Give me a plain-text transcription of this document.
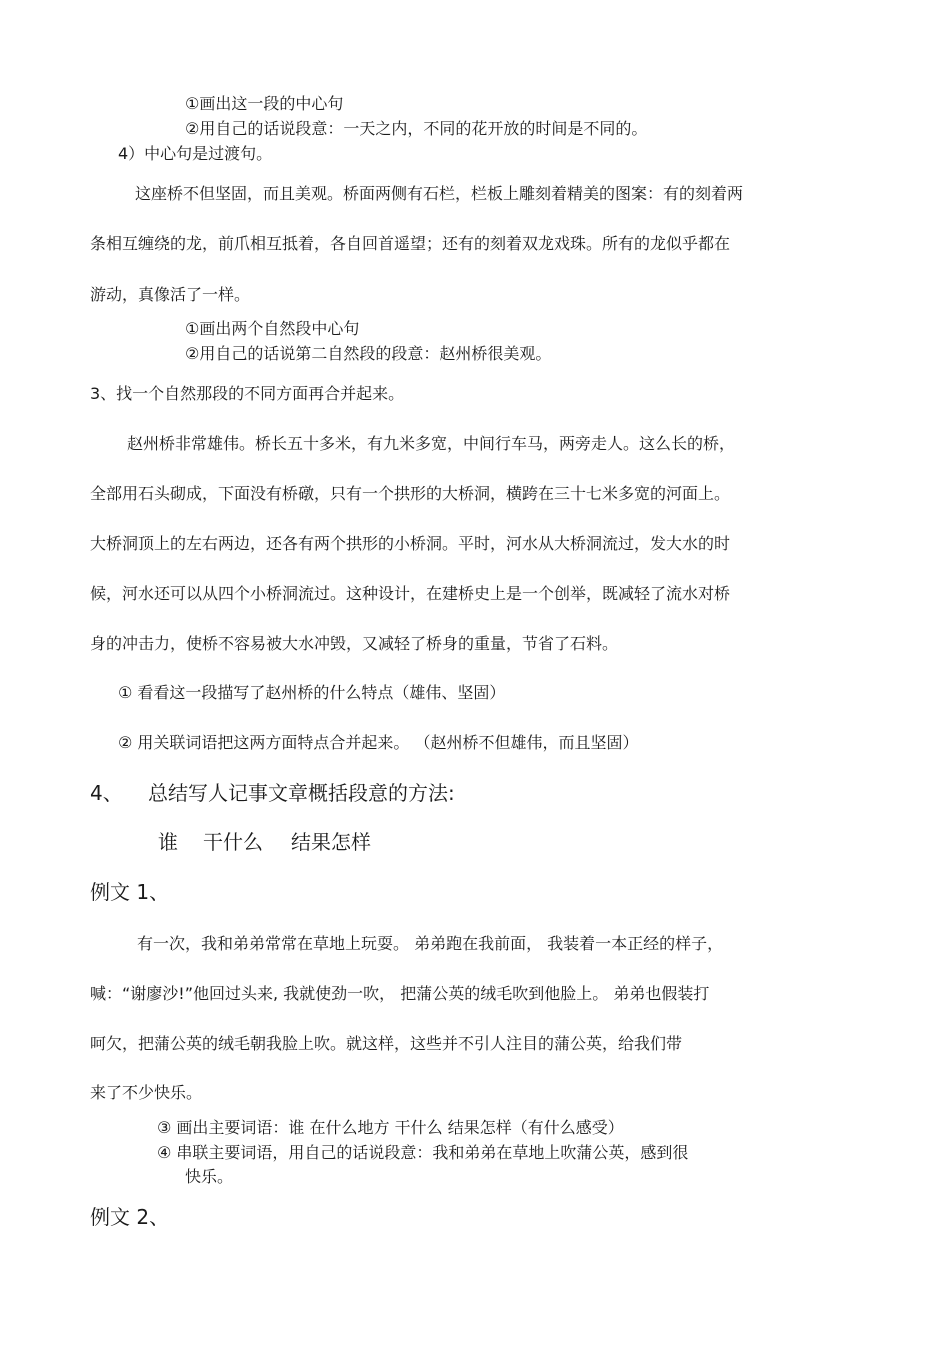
①画出这一段的中心句
②用自己的话说段意：一天之内，不同的花开放的时间是不同的。
4）中心句是过渡句。
这座桥不但坚固，而且美观。桥面两侧有石栏，栏板上雕刻着精美的图案：有的刻着两
条相互缠绕的龙，前爪相互抵着，各自回首遥望；还有的刻着双龙戏珠。所有的龙似乎都在
游动，真像活了一样。
①画出两个自然段中心句
②用自己的话说第二自然段的段意：赵州桥很美观。
3、找一个自然那段的不同方面再合并起来。
赵州桥非常雄伟。桥长五十多米，有九米多宽，中间行车马，两旁走人。这么长的桥，
全部用石头砌成，下面没有桥礅，只有一个拱形的大桥洞，横跨在三十七米多宽的河面上。
大桥洞顶上的左右两边，还各有两个拱形的小桥洞。平时，河水从大桥洞流过，发大水的时
候，河水还可以从四个小桥洞流过。这种设计，在建桥史上是一个创举，既减轻了流水对桥
身的冲击力，使桥不容易被大水冲毁，又减轻了桥身的重量，节省了石料。
① 看看这一段描写了赵州桥的什么特点（雄伟、坚固）
② 用关联词语把这两方面特点合并起来。 （赵州桥不但雄伟，而且坚固）
4、 总结写人记事文章概括段意的方法:
谁 干什么 结果怎样
例文 1、
有一次，我和弟弟常常在草地上玩耍。 弟弟跑在我前面， 我装着一本正经的样子，
喊：“谢廖沙!”他回过头来, 我就使劲一吹， 把蒲公英的绒毛吹到他脸上。 弟弟也假装打
呵欠，把蒲公英的绒毛朝我脸上吹。就这样，这些并不引人注目的蒲公英，给我们带
来了不少快乐。
③ 画出主要词语：谁 在什么地方 干什么 结果怎样（有什么感受）
④ 串联主要词语，用自己的话说段意：我和弟弟在草地上吹蒲公英，感到很
快乐。
例文 2、
